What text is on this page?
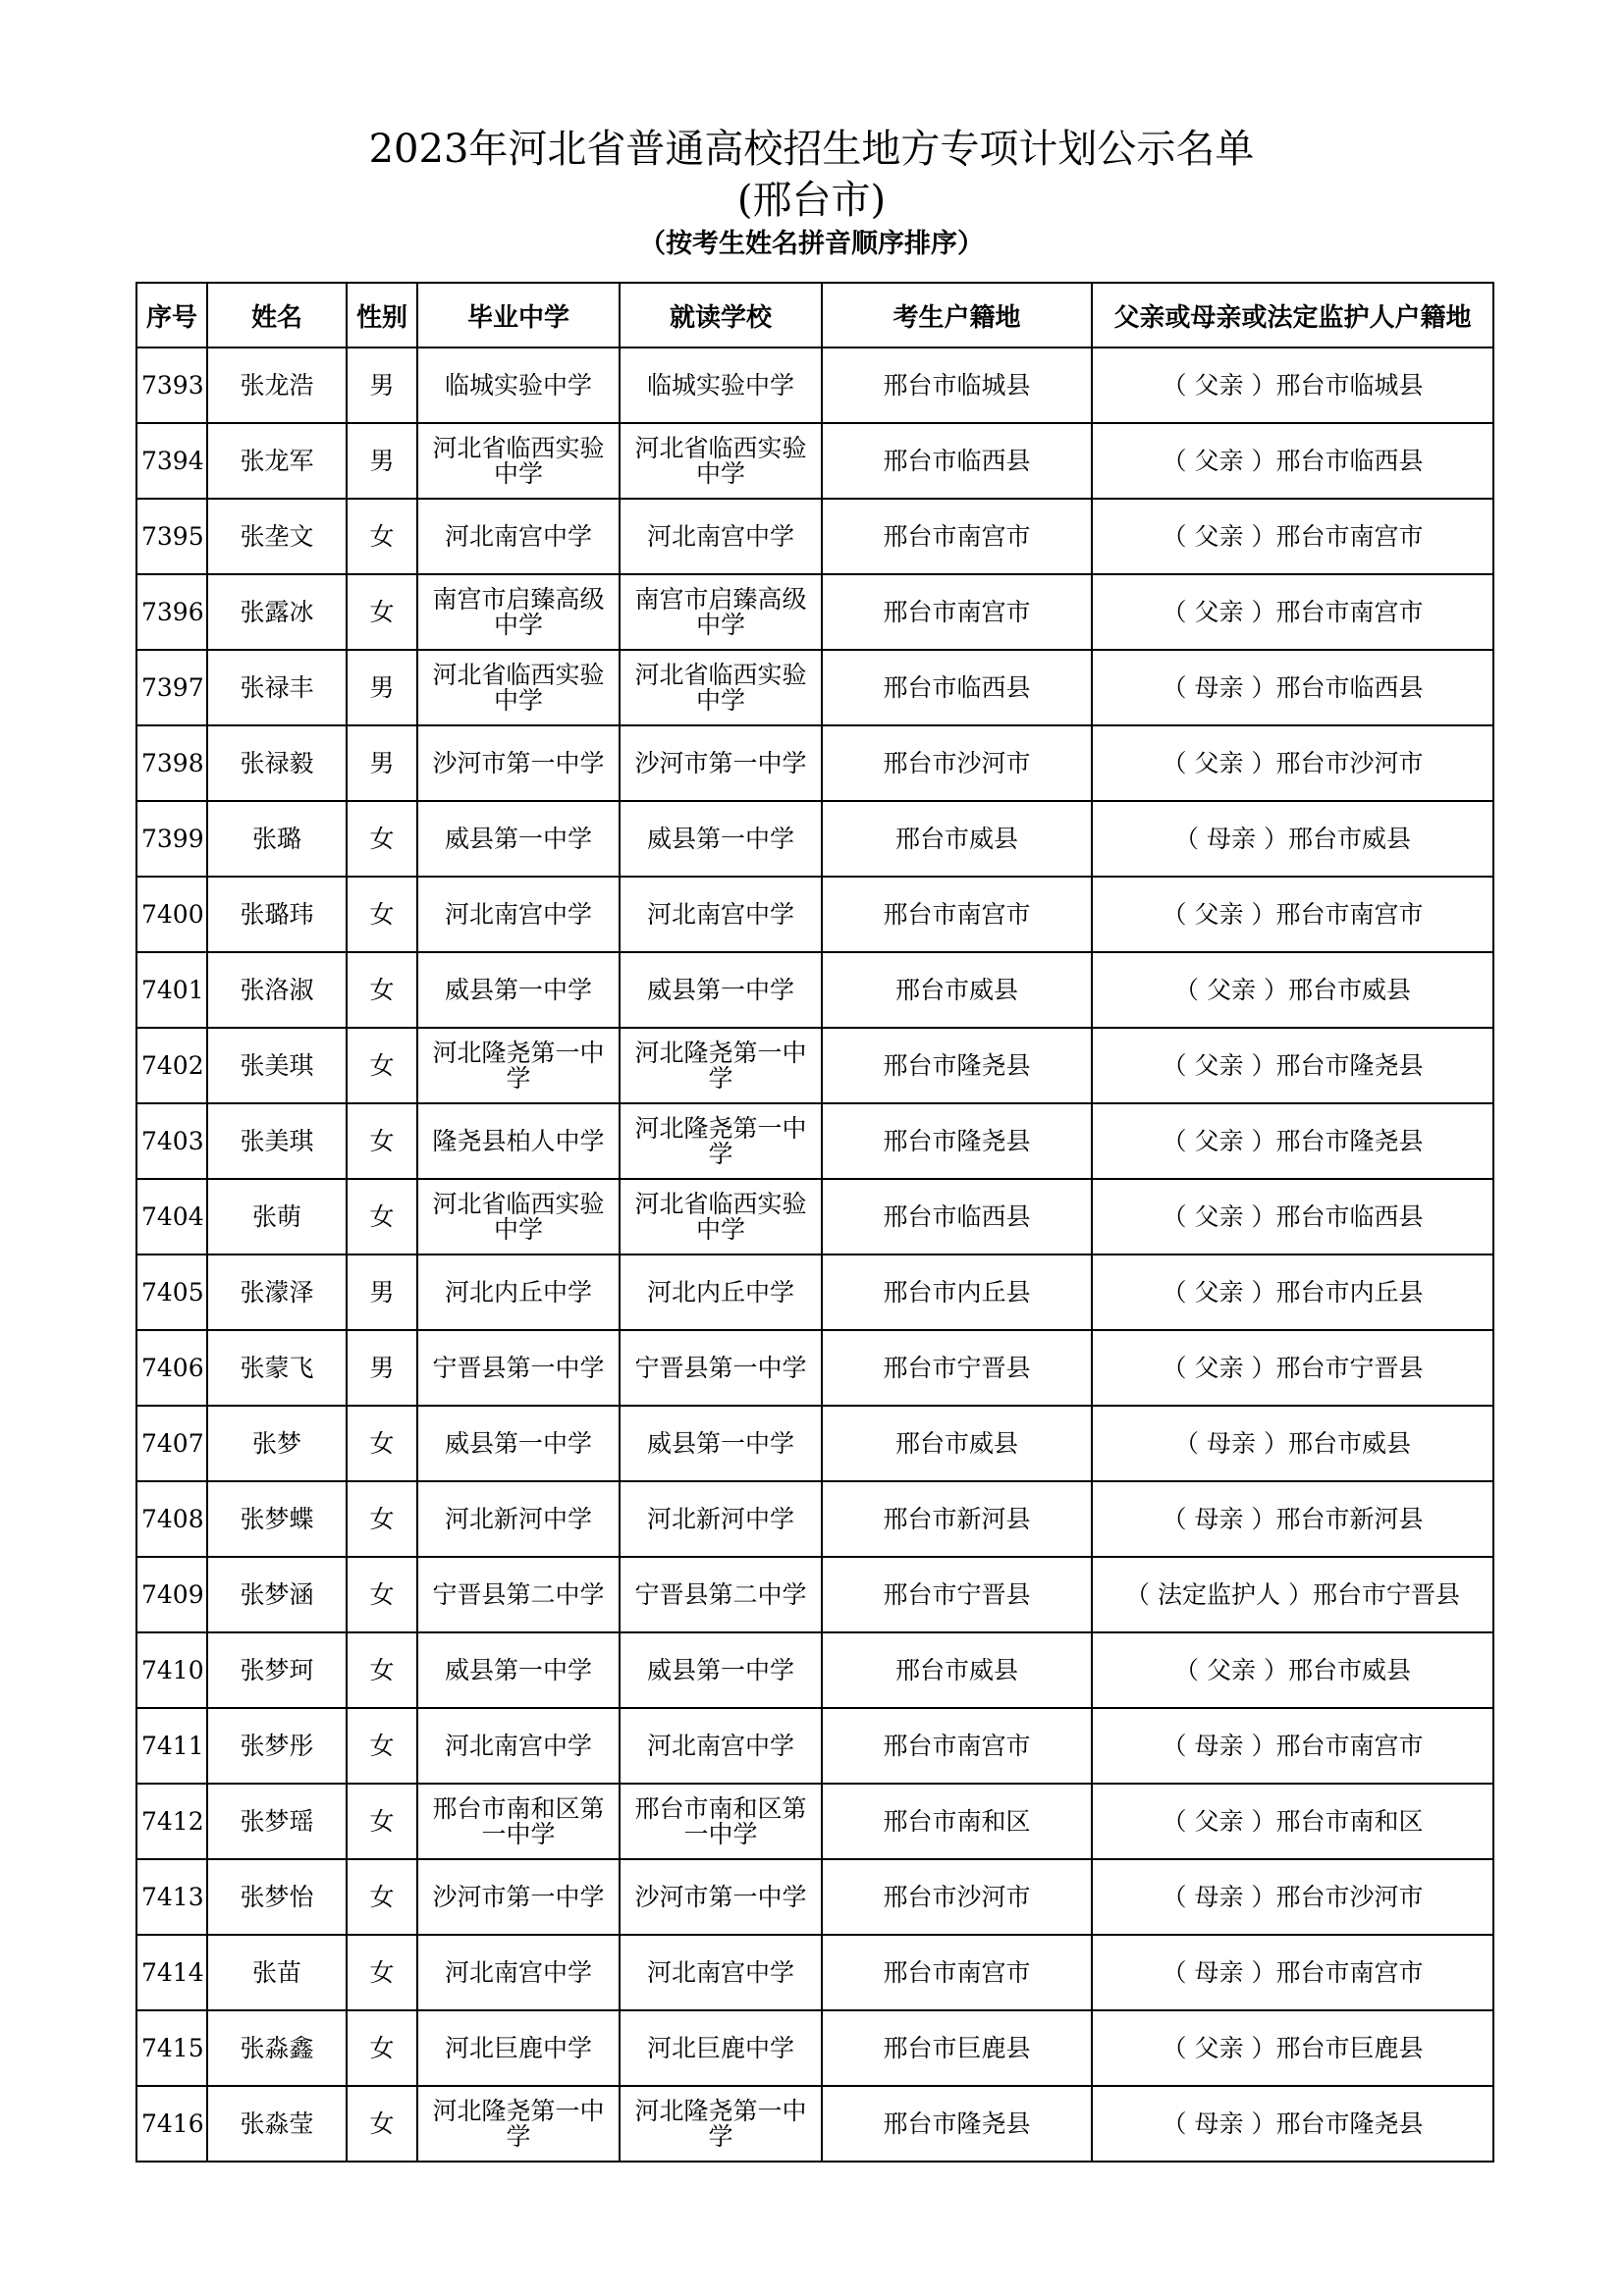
2023年河北省普通高校招生地方专项计划公示名单
(邢台市)
（按考生姓名拼音顺序排序）
序号	姓名	性别	毕业中学	就读学校	考生户籍地	父亲或母亲或法定监护人户籍地
7393	张龙浩	男	临城实验中学	临城实验中学	邢台市临城县	（ 父亲 ）邢台市临城县
7394	张龙军	男	河北省临西实验中学	河北省临西实验中学	邢台市临西县	（ 父亲 ）邢台市临西县
7395	张垄文	女	河北南宫中学	河北南宫中学	邢台市南宫市	（ 父亲 ）邢台市南宫市
7396	张露冰	女	南宫市启臻高级中学	南宫市启臻高级中学	邢台市南宫市	（ 父亲 ）邢台市南宫市
7397	张禄丰	男	河北省临西实验中学	河北省临西实验中学	邢台市临西县	（ 母亲 ）邢台市临西县
7398	张禄毅	男	沙河市第一中学	沙河市第一中学	邢台市沙河市	（ 父亲 ）邢台市沙河市
7399	张璐	女	威县第一中学	威县第一中学	邢台市威县	（ 母亲 ）邢台市威县
7400	张璐玮	女	河北南宫中学	河北南宫中学	邢台市南宫市	（ 父亲 ）邢台市南宫市
7401	张洛淑	女	威县第一中学	威县第一中学	邢台市威县	（ 父亲 ）邢台市威县
7402	张美琪	女	河北隆尧第一中学	河北隆尧第一中学	邢台市隆尧县	（ 父亲 ）邢台市隆尧县
7403	张美琪	女	隆尧县柏人中学	河北隆尧第一中学	邢台市隆尧县	（ 父亲 ）邢台市隆尧县
7404	张萌	女	河北省临西实验中学	河北省临西实验中学	邢台市临西县	（ 父亲 ）邢台市临西县
7405	张濛泽	男	河北内丘中学	河北内丘中学	邢台市内丘县	（ 父亲 ）邢台市内丘县
7406	张蒙飞	男	宁晋县第一中学	宁晋县第一中学	邢台市宁晋县	（ 父亲 ）邢台市宁晋县
7407	张梦	女	威县第一中学	威县第一中学	邢台市威县	（ 母亲 ）邢台市威县
7408	张梦蝶	女	河北新河中学	河北新河中学	邢台市新河县	（ 母亲 ）邢台市新河县
7409	张梦涵	女	宁晋县第二中学	宁晋县第二中学	邢台市宁晋县	（ 法定监护人 ）邢台市宁晋县
7410	张梦珂	女	威县第一中学	威县第一中学	邢台市威县	（ 父亲 ）邢台市威县
7411	张梦彤	女	河北南宫中学	河北南宫中学	邢台市南宫市	（ 母亲 ）邢台市南宫市
7412	张梦瑶	女	邢台市南和区第一中学	邢台市南和区第一中学	邢台市南和区	（ 父亲 ）邢台市南和区
7413	张梦怡	女	沙河市第一中学	沙河市第一中学	邢台市沙河市	（ 母亲 ）邢台市沙河市
7414	张苗	女	河北南宫中学	河北南宫中学	邢台市南宫市	（ 母亲 ）邢台市南宫市
7415	张淼鑫	女	河北巨鹿中学	河北巨鹿中学	邢台市巨鹿县	（ 父亲 ）邢台市巨鹿县
7416	张淼莹	女	河北隆尧第一中学	河北隆尧第一中学	邢台市隆尧县	（ 母亲 ）邢台市隆尧县
